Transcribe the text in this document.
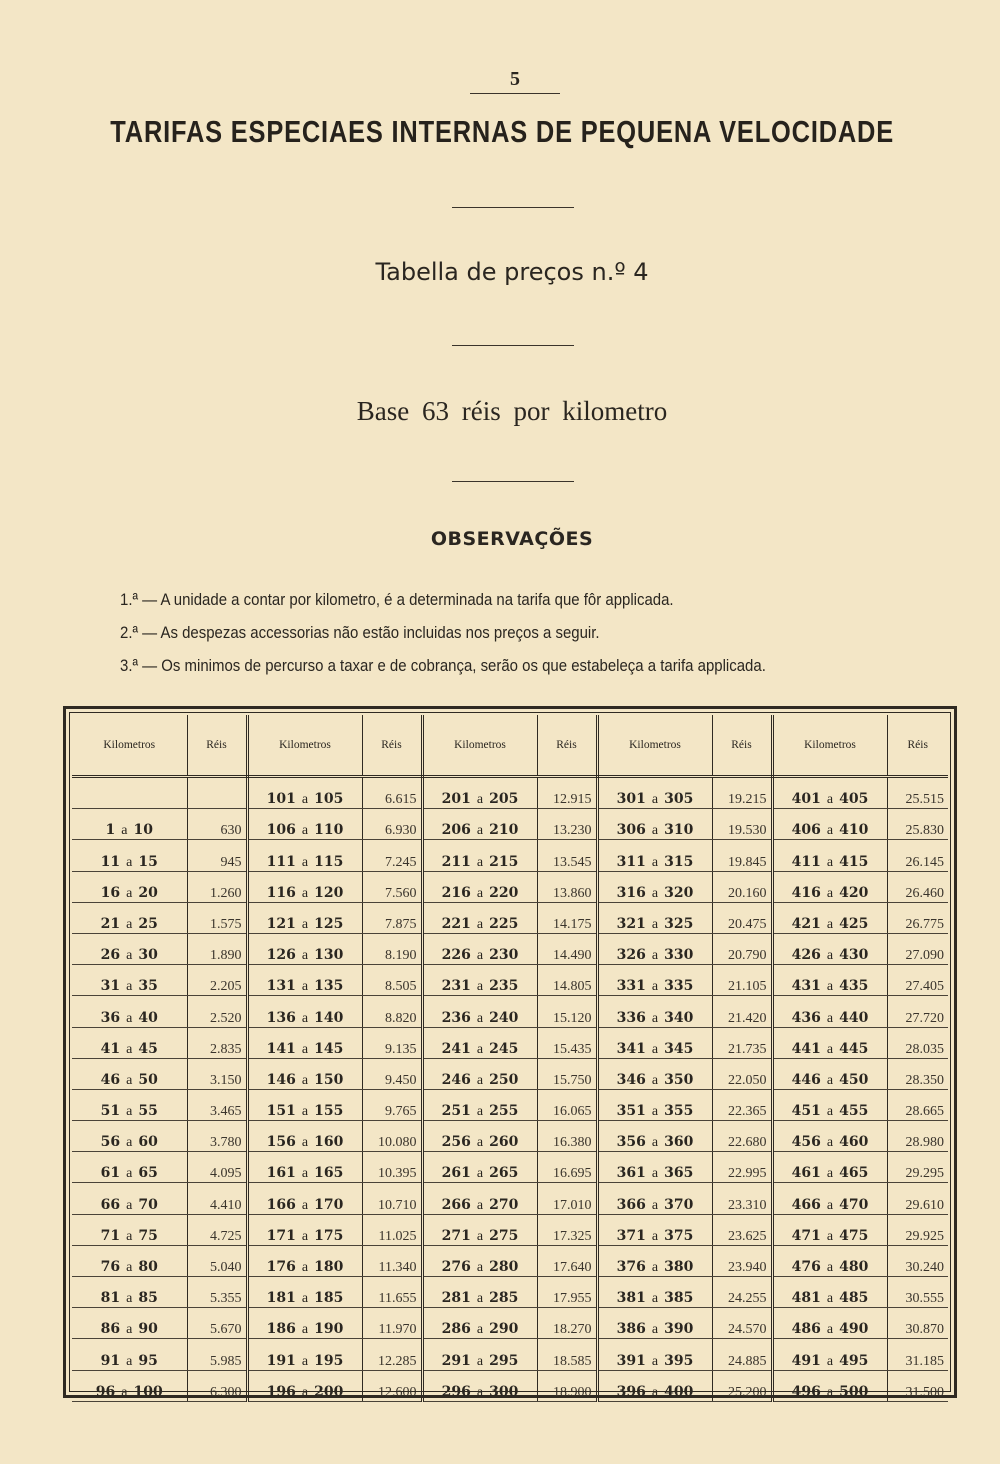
5
TARIFAS ESPECIAES INTERNAS DE PEQUENA VELOCIDADE
Tabella de preços n.º 4
Base 63 réis por kilometro
OBSERVAÇÕES
1.ª — A unidade a contar por kilometro, é a determinada na tarifa que fôr applicada.
2.ª — As despezas accessorias não estão incluidas nos preços a seguir.
3.ª — Os minimos de percurso a taxar e de cobrança, serão os que estabeleça a tarifa applicada.
Kilometros	Réis	Kilometros	Réis	Kilometros	Réis	Kilometros	Réis	Kilometros	Réis
		101 a 105	6.615	201 a 205	12.915	301 a 305	19.215	401 a 405	25.515
1 a 10	630	106 a 110	6.930	206 a 210	13.230	306 a 310	19.530	406 a 410	25.830
11 a 15	945	111 a 115	7.245	211 a 215	13.545	311 a 315	19.845	411 a 415	26.145
16 a 20	1.260	116 a 120	7.560	216 a 220	13.860	316 a 320	20.160	416 a 420	26.460
21 a 25	1.575	121 a 125	7.875	221 a 225	14.175	321 a 325	20.475	421 a 425	26.775
26 a 30	1.890	126 a 130	8.190	226 a 230	14.490	326 a 330	20.790	426 a 430	27.090
31 a 35	2.205	131 a 135	8.505	231 a 235	14.805	331 a 335	21.105	431 a 435	27.405
36 a 40	2.520	136 a 140	8.820	236 a 240	15.120	336 a 340	21.420	436 a 440	27.720
41 a 45	2.835	141 a 145	9.135	241 a 245	15.435	341 a 345	21.735	441 a 445	28.035
46 a 50	3.150	146 a 150	9.450	246 a 250	15.750	346 a 350	22.050	446 a 450	28.350
51 a 55	3.465	151 a 155	9.765	251 a 255	16.065	351 a 355	22.365	451 a 455	28.665
56 a 60	3.780	156 a 160	10.080	256 a 260	16.380	356 a 360	22.680	456 a 460	28.980
61 a 65	4.095	161 a 165	10.395	261 a 265	16.695	361 a 365	22.995	461 a 465	29.295
66 a 70	4.410	166 a 170	10.710	266 a 270	17.010	366 a 370	23.310	466 a 470	29.610
71 a 75	4.725	171 a 175	11.025	271 a 275	17.325	371 a 375	23.625	471 a 475	29.925
76 a 80	5.040	176 a 180	11.340	276 a 280	17.640	376 a 380	23.940	476 a 480	30.240
81 a 85	5.355	181 a 185	11.655	281 a 285	17.955	381 a 385	24.255	481 a 485	30.555
86 a 90	5.670	186 a 190	11.970	286 a 290	18.270	386 a 390	24.570	486 a 490	30.870
91 a 95	5.985	191 a 195	12.285	291 a 295	18.585	391 a 395	24.885	491 a 495	31.185
96 a 100	6.300	196 a 200	12.600	296 a 300	18.900	396 a 400	25.200	496 a 500	31.500
